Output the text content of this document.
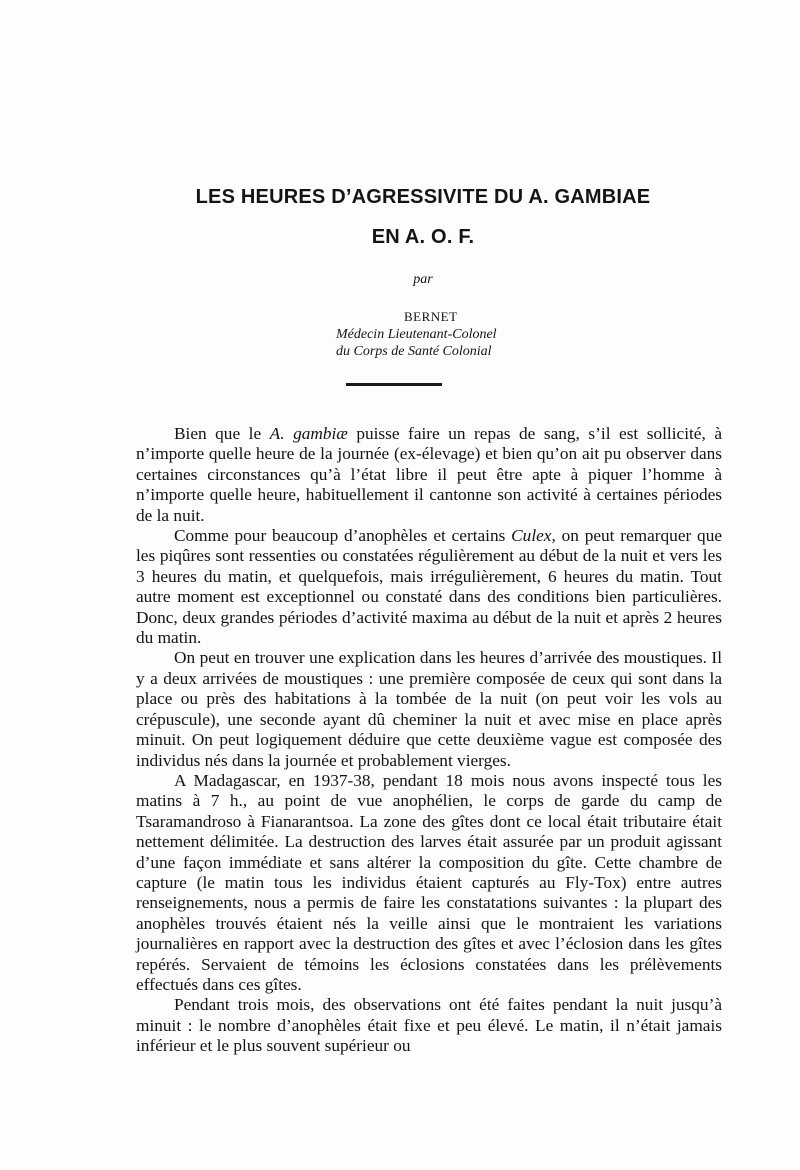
LES HEURES D’AGRESSIVITE DU A. GAMBIAE
EN A. O. F.
par
BERNET
Médecin Lieutenant-Colonel
du Corps de Santé Colonial

Bien que le A. gambiæ puisse faire un repas de sang, s’il est sollicité, à n’importe quelle heure de la journée (ex-élevage) et bien qu’on ait pu observer dans certaines circonstances qu’à l’état libre il peut être apte à piquer l’homme à n’importe quelle heure, habituellement il cantonne son activité à certaines périodes de la nuit.

Comme pour beaucoup d’anophèles et certains Culex, on peut remarquer que les piqûres sont ressenties ou constatées régulièrement au début de la nuit et vers les 3 heures du matin, et quelquefois, mais irrégulièrement, 6 heures du matin. Tout autre moment est exceptionnel ou constaté dans des conditions bien particulières. Donc, deux grandes périodes d’activité maxima au début de la nuit et après 2 heures du matin.

On peut en trouver une explication dans les heures d’arrivée des moustiques. Il y a deux arrivées de moustiques : une première composée de ceux qui sont dans la place ou près des habitations à la tombée de la nuit (on peut voir les vols au crépuscule), une seconde ayant dû cheminer la nuit et avec mise en place après minuit. On peut logiquement déduire que cette deuxième vague est composée des individus nés dans la journée et probablement vierges.

A Madagascar, en 1937-38, pendant 18 mois nous avons inspecté tous les matins à 7 h., au point de vue anophélien, le corps de garde du camp de Tsaramandroso à Fianarantsoa. La zone des gîtes dont ce local était tributaire était nettement délimitée. La destruction des larves était assurée par un produit agissant d’une façon immédiate et sans altérer la composition du gîte. Cette chambre de capture (le matin tous les individus étaient capturés au Fly-Tox) entre autres renseignements, nous a permis de faire les constatations suivantes : la plupart des anophèles trouvés étaient nés la veille ainsi que le montraient les variations journalières en rapport avec la destruction des gîtes et avec l’éclosion dans les gîtes repérés. Servaient de témoins les éclosions constatées dans les prélèvements effectués dans ces gîtes.

Pendant trois mois, des observations ont été faites pendant la nuit jusqu’à minuit : le nombre d’anophèles était fixe et peu élevé. Le matin, il n’était jamais inférieur et le plus souvent supérieur ou
